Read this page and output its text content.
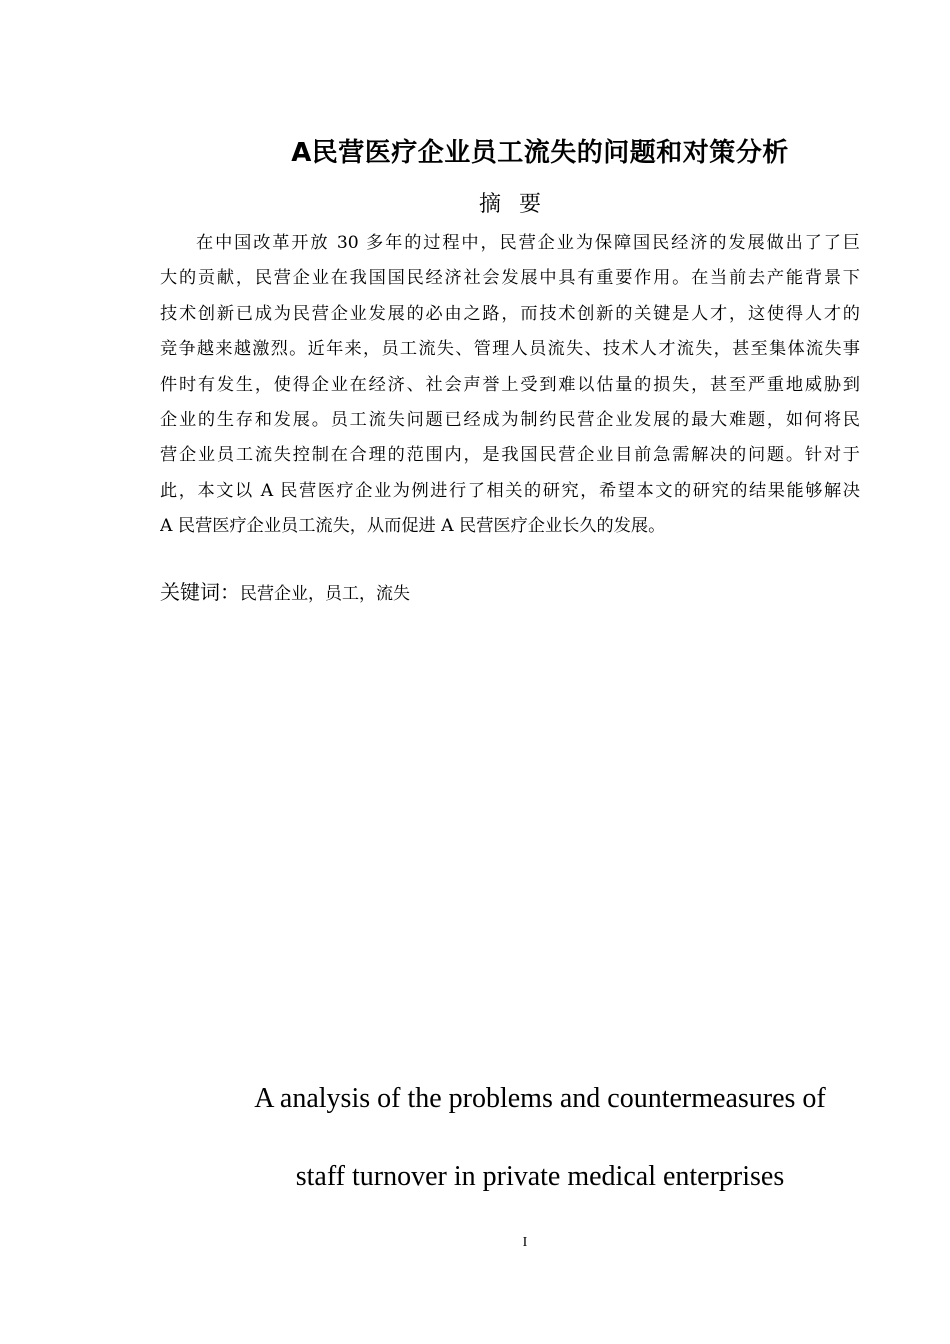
A民营医疗企业员工流失的问题和对策分析
摘要
在中国改革开放 30 多年的过程中，民营企业为保障国民经济的发展做出了了巨
大的贡献，民营企业在我国国民经济社会发展中具有重要作用。在当前去产能背景下
技术创新已成为民营企业发展的必由之路，而技术创新的关键是人才，这使得人才的
竞争越来越激烈。近年来，员工流失、管理人员流失、技术人才流失，甚至集体流失事
件时有发生，使得企业在经济、社会声誉上受到难以估量的损失，甚至严重地威胁到
企业的生存和发展。员工流失问题已经成为制约民营企业发展的最大难题，如何将民
营企业员工流失控制在合理的范围内，是我国民营企业目前急需解决的问题。针对于
此，本文以 A 民营医疗企业为例进行了相关的研究，希望本文的研究的结果能够解决
A 民营医疗企业员工流失，从而促进 A 民营医疗企业长久的发展。
关键词：民营企业，员工，流失
A analysis of the problems and countermeasures of
staff turnover in private medical enterprises
I
